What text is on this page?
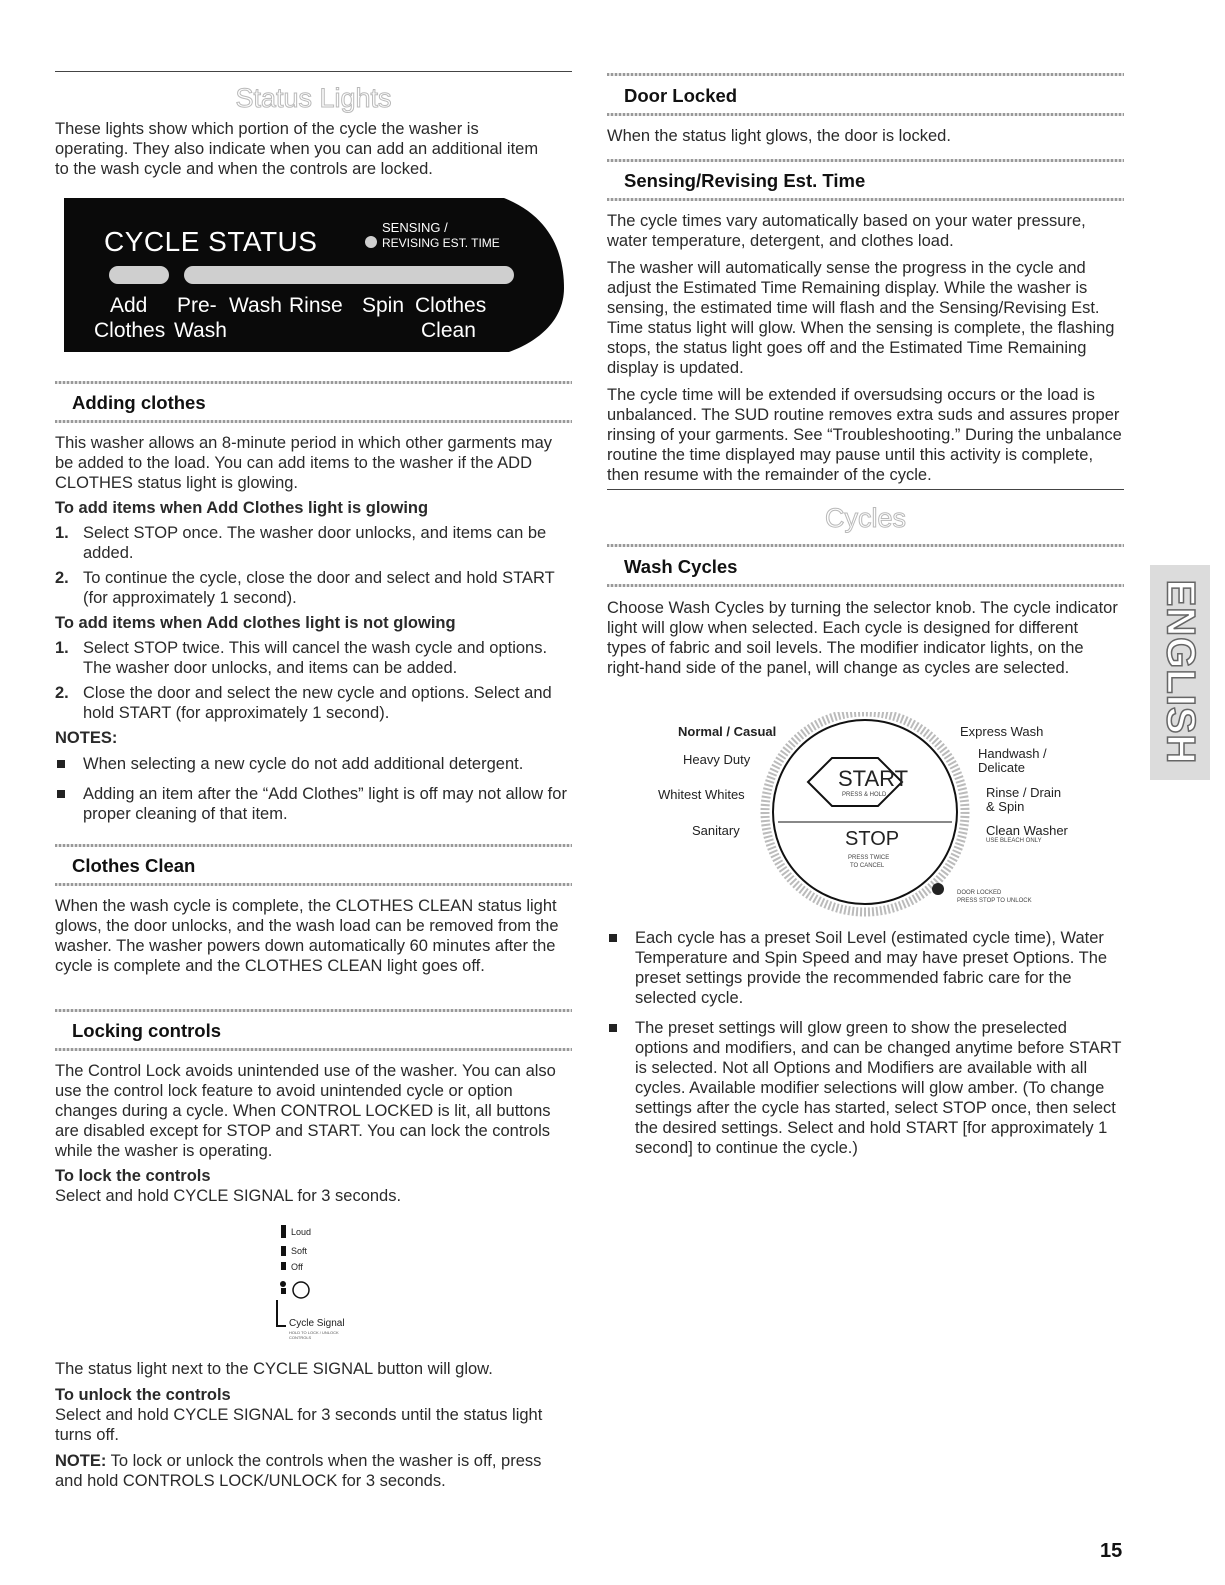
Status Lights
These lights show which portion of the cycle the washer is operating. They also indicate when you can add an additional item to the wash cycle and when the controls are locked.
CYCLE STATUS	SENSING /
REVISING EST. TIME
Add Pre- Wash Rinse Spin Clothes
Clothes Wash	Clean
Adding clothes

This washer allows an 8-minute period in which other garments may be added to the load. You can add items to the washer if the ADD CLOTHES status light is glowing.

To add items when Add Clothes light is glowing

1. Select STOP once. The washer door unlocks, and items can be added.
2. To continue the cycle, close the door and select and hold START (for approximately 1 second).

To add items when Add clothes light is not glowing

1. Select STOP twice. This will cancel the wash cycle and options. The washer door unlocks, and items can be added.
2. Close the door and select the new cycle and options. Select and hold START (for approximately 1 second).

NOTES:

When selecting a new cycle do not add additional detergent.
Adding an item after the “Add Clothes” light is off may not allow for proper cleaning of that item.
Clothes Clean
When the wash cycle is complete, the CLOTHES CLEAN status light glows, the door unlocks, and the wash load can be removed from the washer. The washer powers down automatically 60 minutes after the cycle is complete and the CLOTHES CLEAN light goes off.
Locking controls

The Control Lock avoids unintended use of the washer. You can also use the control lock feature to avoid unintended cycle or option changes during a cycle. When CONTROL LOCKED is lit, all buttons are disabled except for STOP and START. You can lock the controls while the washer is operating.

To lock the controls

Select and hold CYCLE SIGNAL for 3 seconds.

Loud
Soft
Off
Cycle Signal
HOLD TO LOCK / UNLOCK CONTROLS

The status light next to the CYCLE SIGNAL button will glow.

To unlock the controls

Select and hold CYCLE SIGNAL for 3 seconds until the status light turns off.

NOTE: To lock or unlock the controls when the washer is off, press and hold CONTROLS LOCK/UNLOCK for 3 seconds.

Door Locked
When the status light glows, the door is locked.
Sensing/Revising Est. Time

The cycle times vary automatically based on your water pressure, water temperature, detergent, and clothes load.

The washer will automatically sense the progress in the cycle and adjust the Estimated Time Remaining display. While the washer is sensing, the estimated time will flash and the Sensing/Revising Est. Time status light will glow. When the sensing is complete, the flashing stops, the status light goes off and the Estimated Time Remaining display is updated.

The cycle time will be extended if oversudsing occurs or the load is unbalanced. The SUD routine removes extra suds and assures proper rinsing of your garments. See “Troubleshooting.” During the unbalance routine the time displayed may pause until this activity is complete, then resume with the remainder of the cycle.

Cycles
Wash Cycles
Choose Wash Cycles by turning the selector knob. The cycle indicator light will glow when selected. Each cycle is designed for different types of fabric and soil levels. The modifier indicator lights, on the right-hand side of the panel, will change as cycles are selected.
Normal / Casual
Heavy Duty
Whitest Whites
Sanitary
Express Wash
Handwash /
Delicate
Rinse / Drain
& Spin
Clean Washer
USE BLEACH ONLY
START
PRESS & HOLD
STOP
PRESS TWICE
TO CANCEL
DOOR LOCKED
PRESS STOP TO UNLOCK
Each cycle has a preset Soil Level (estimated cycle time), Water Temperature and Spin Speed and may have preset Options. The preset settings provide the recommended fabric care for the selected cycle.
The preset settings will glow green to show the preselected options and modifiers, and can be changed anytime before START is selected. Not all Options and Modifiers are available with all cycles. Available modifier selections will glow amber. (To change settings after the cycle has started, select STOP once, then select the desired settings. Select and hold START [for approximately 1 second] to continue the cycle.)
ENGLISH
15
